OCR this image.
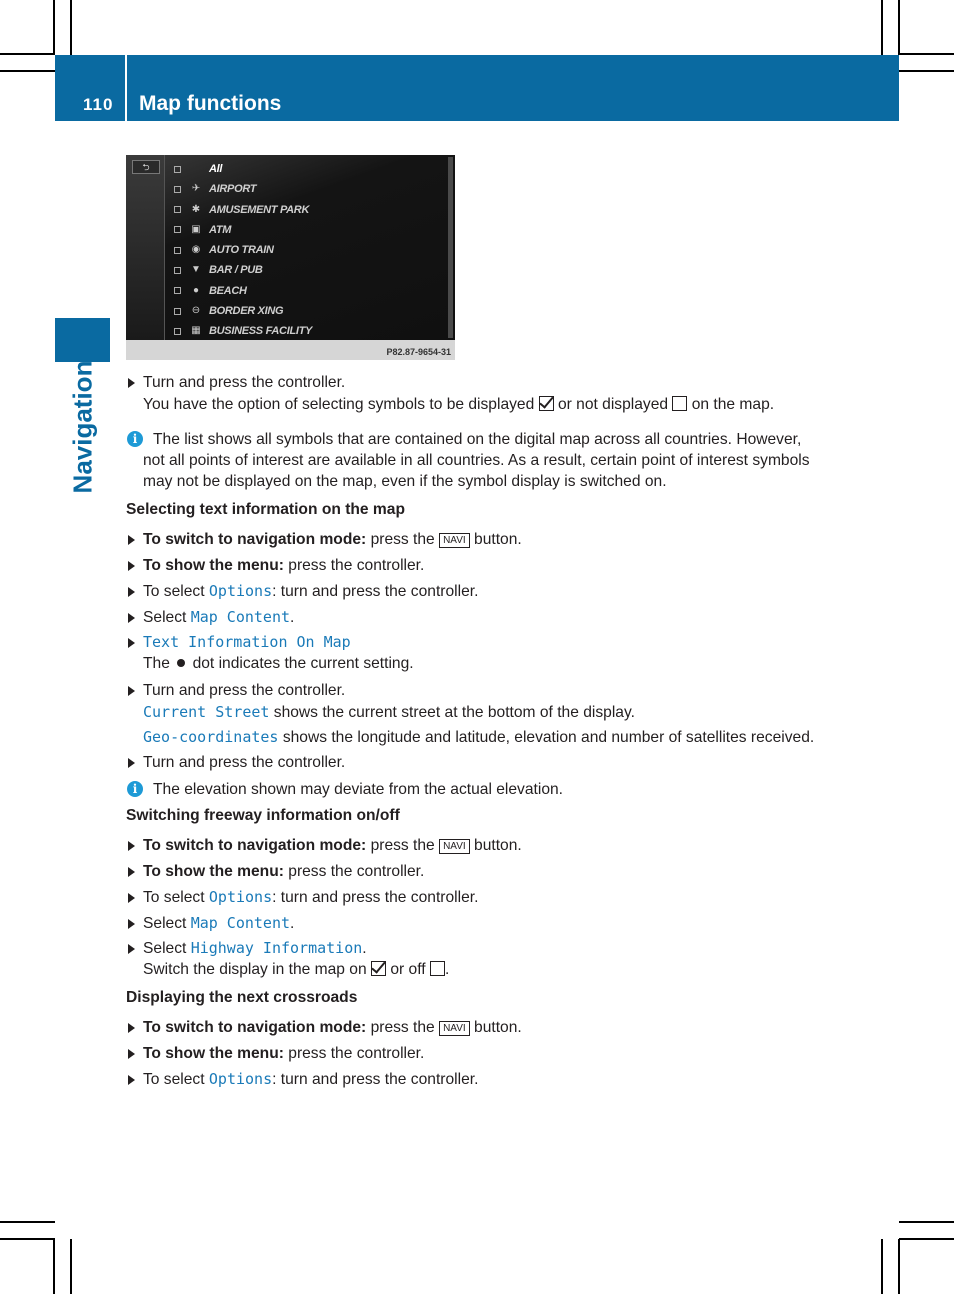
110 Map functions
Navigation
⮌	All
✈ AIRPORT
✱ AMUSEMENT PARK
▣ ATM
◉ AUTO TRAIN
▼ BAR / PUB
● BEACH
⊖ BORDER XING
▦ BUSINESS FACILITY
P82.87-9654-31
Turn and press the controller.
You have the option of selecting symbols to be displayed or not displayed on the map.
i	The list shows all symbols that are contained on the digital map across all countries. However, not all points of interest are available in all countries. As a result, certain point of interest symbols may not be displayed on the map, even if the symbol display is switched on.
Selecting text information on the map
To switch to navigation mode: press the NAVI button.
To show the menu: press the controller.
To select Options: turn and press the controller.
Select Map Content.
Text Information On Map
The dot indicates the current setting.
Turn and press the controller.
Current Street shows the current street at the bottom of the display.
Geo-coordinates shows the longitude and latitude, elevation and number of satellites received.
Turn and press the controller.
i	The elevation shown may deviate from the actual elevation.
Switching freeway information on/off
To switch to navigation mode: press the NAVI button.
To show the menu: press the controller.
To select Options: turn and press the controller.
Select Map Content.
Select Highway Information.
Switch the display in the map on or off .
Displaying the next crossroads
To switch to navigation mode: press the NAVI button.
To show the menu: press the controller.
To select Options: turn and press the controller.
